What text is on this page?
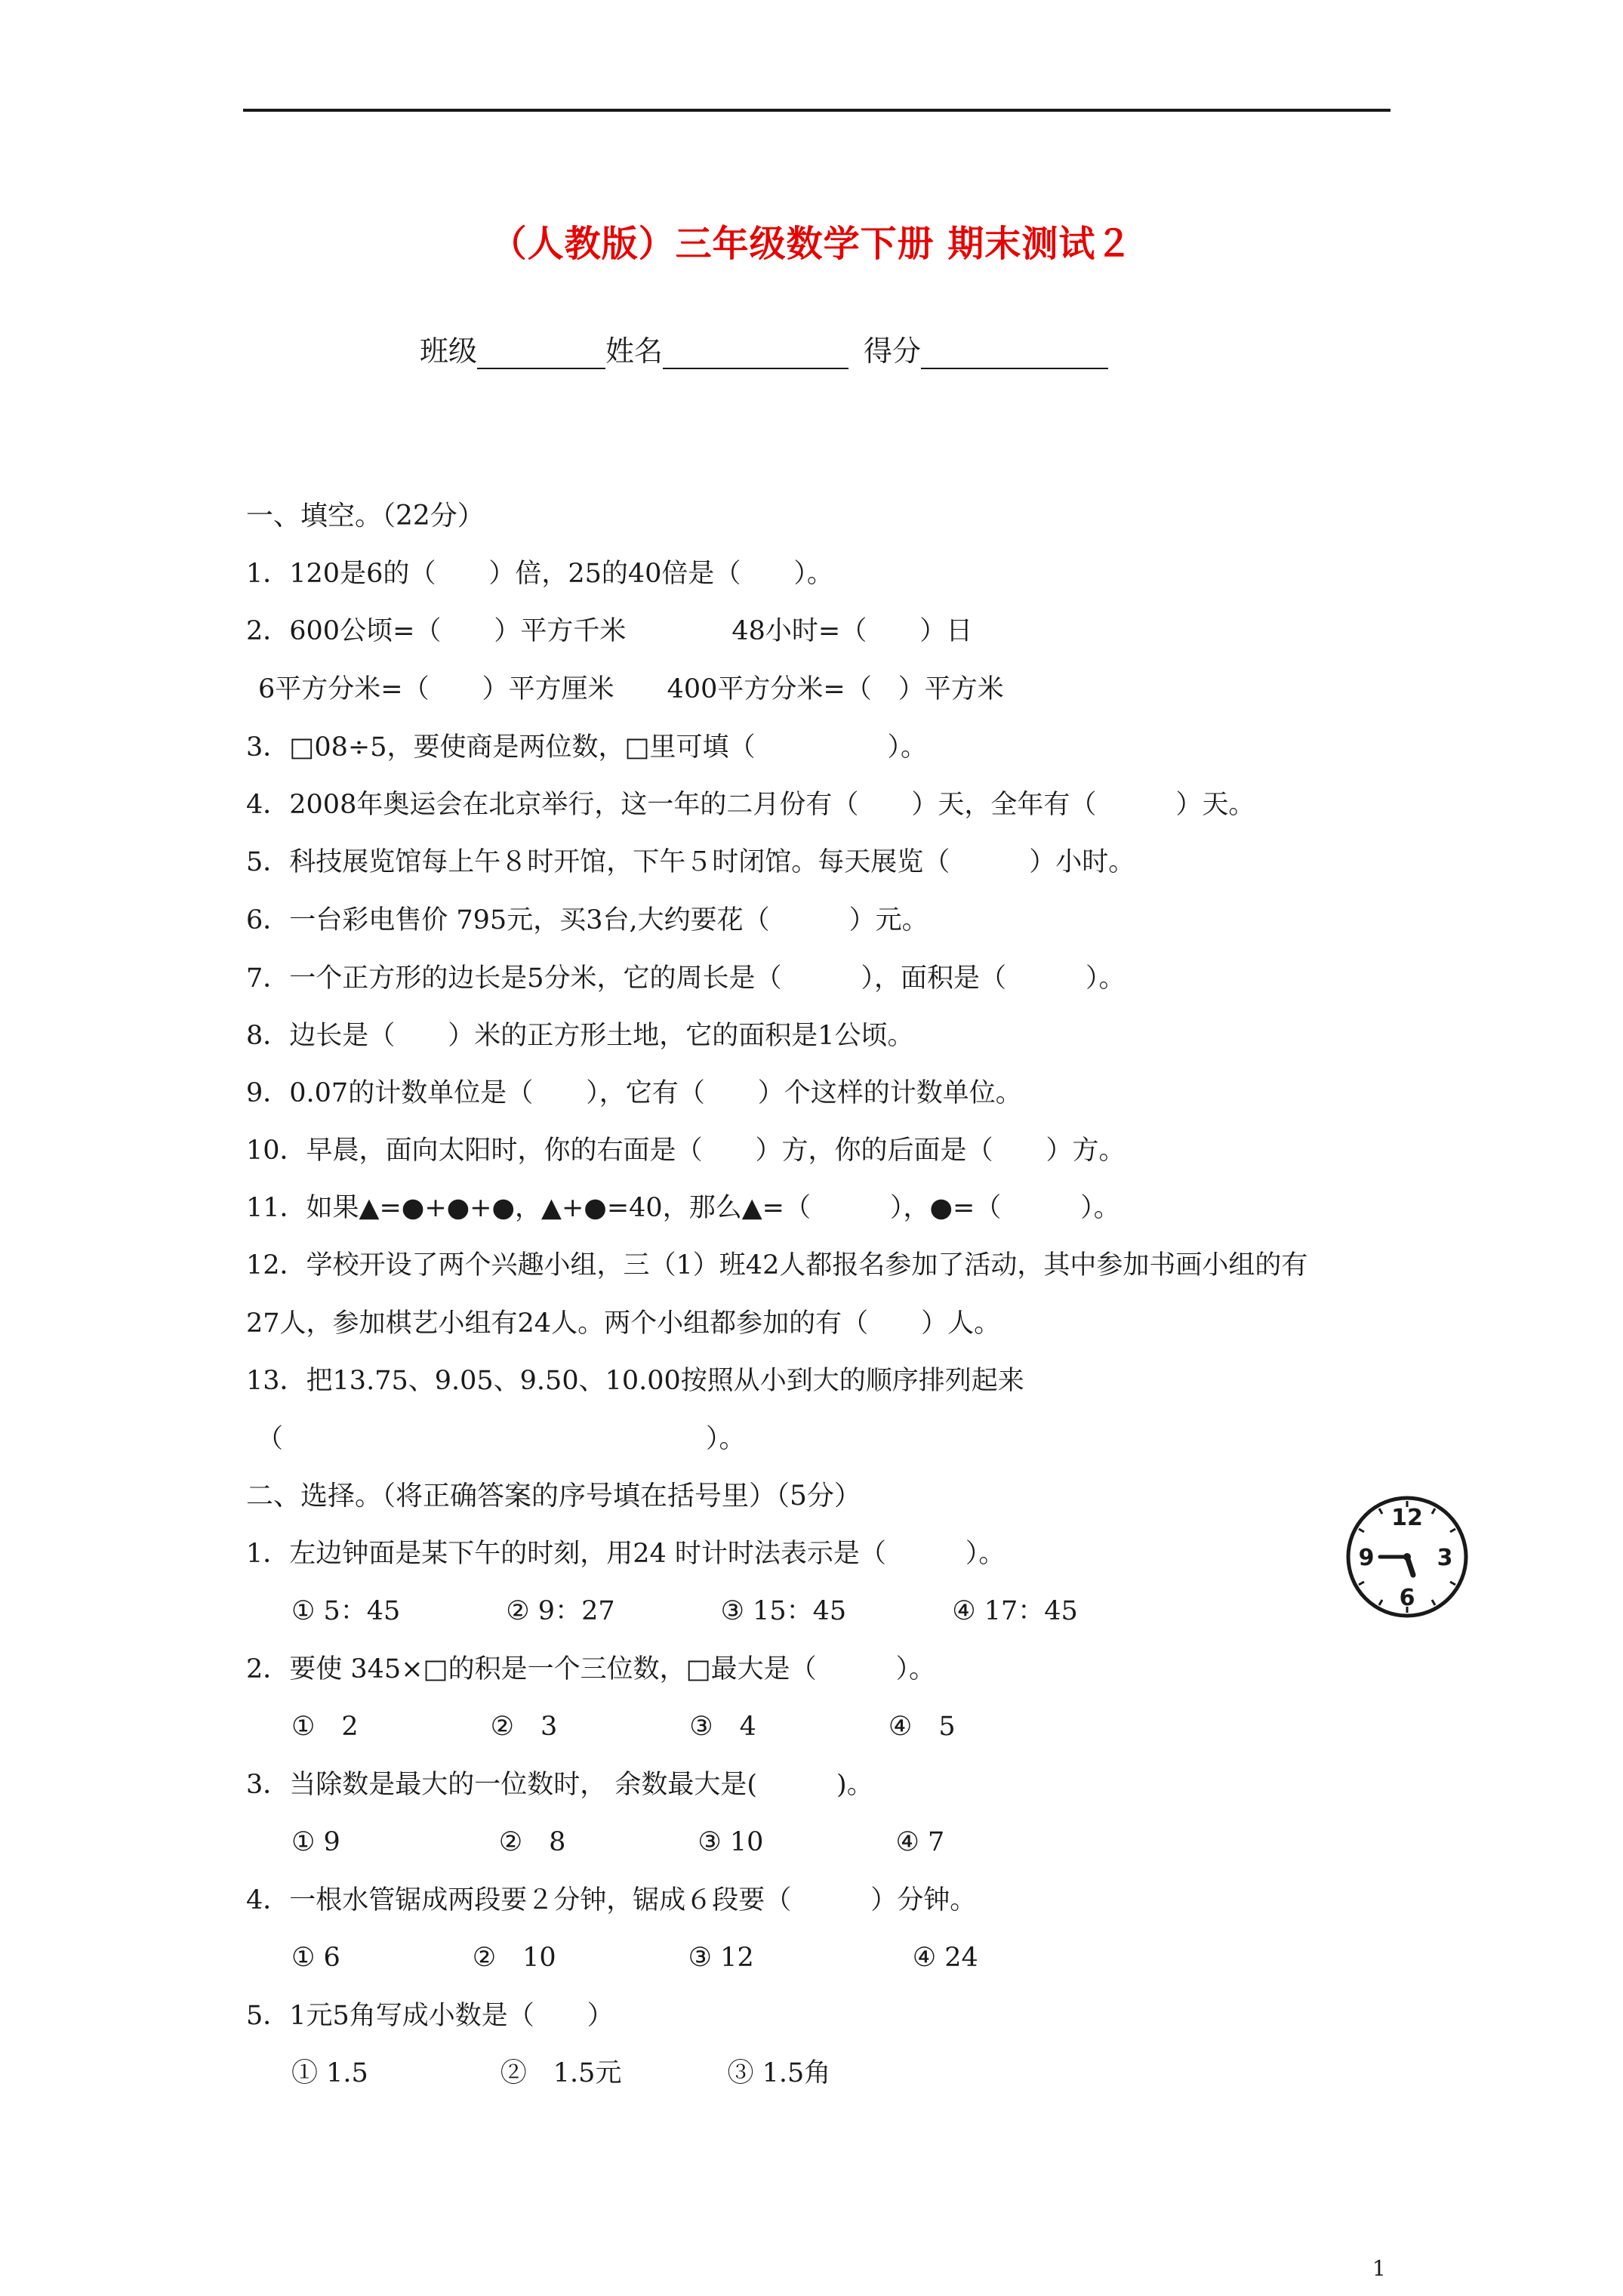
（人教版）三年级数学下册 期末测试２
班级	姓名	得分
一、填空。（22分）
1．120是6的（　　）倍，25的40倍是（　　）。
2．600公顷=（　　）平方千米　　　　48小时=（　　）日
6平方分米=（　　）平方厘米　　400平方分米=（　）平方米
3．□08÷5，要使商是两位数，□里可填（　　　　　）。
4．2008年奥运会在北京举行，这一年的二月份有（　　）天，全年有（　　　）天。
5．科技展览馆每上午８时开馆，下午５时闭馆。每天展览（　　　）小时。
6．一台彩电售价 795元，买3台,大约要花（　　　）元。
7．一个正方形的边长是5分米，它的周长是（　　　），面积是（　　　）。
8．边长是（　　）米的正方形土地，它的面积是1公顷。
9．0.07的计数单位是（　　），它有（　　）个这样的计数单位。
10．早晨，面向太阳时，你的右面是（　　）方，你的后面是（　　）方。
11．如果▲=●+●+●，▲+●=40，那么▲=（　　　），●=（　　　）。
12．学校开设了两个兴趣小组，三（1）班42人都报名参加了活动，其中参加书画小组的有
27人，参加棋艺小组有24人。两个小组都参加的有（　　）人。
13．把13.75、9.05、9.50、10.00按照从小到大的顺序排列起来
（　　　　　　　　　　　　　　　　）。
二、选择。（将正确答案的序号填在括号里）（5分）
1．左边钟面是某下午的时刻，用24 时计时法表示是（　　　）。
① 5：45　　　　② 9：27　　　　③ 15：45　　　　④ 17：45
2．要使 345×□的积是一个三位数，□最大是（　　　）。
①　2　　　　　②　3　　　　　③　4　　　　　④　5
3．当除数是最大的一位数时， 余数最大是(　　　)。
① 9　　　　　　②　8　　　　　③ 10　　　　　④ 7
4．一根水管锯成两段要２分钟，锯成６段要（　　　）分钟。
① 6　　　　　②　10　　　　　③ 12　　　　　　④ 24
5．1元5角写成小数是（　　）
① 1.5　　　　　②　1.5元　　　　③ 1.5角
12
3
6
9
1
